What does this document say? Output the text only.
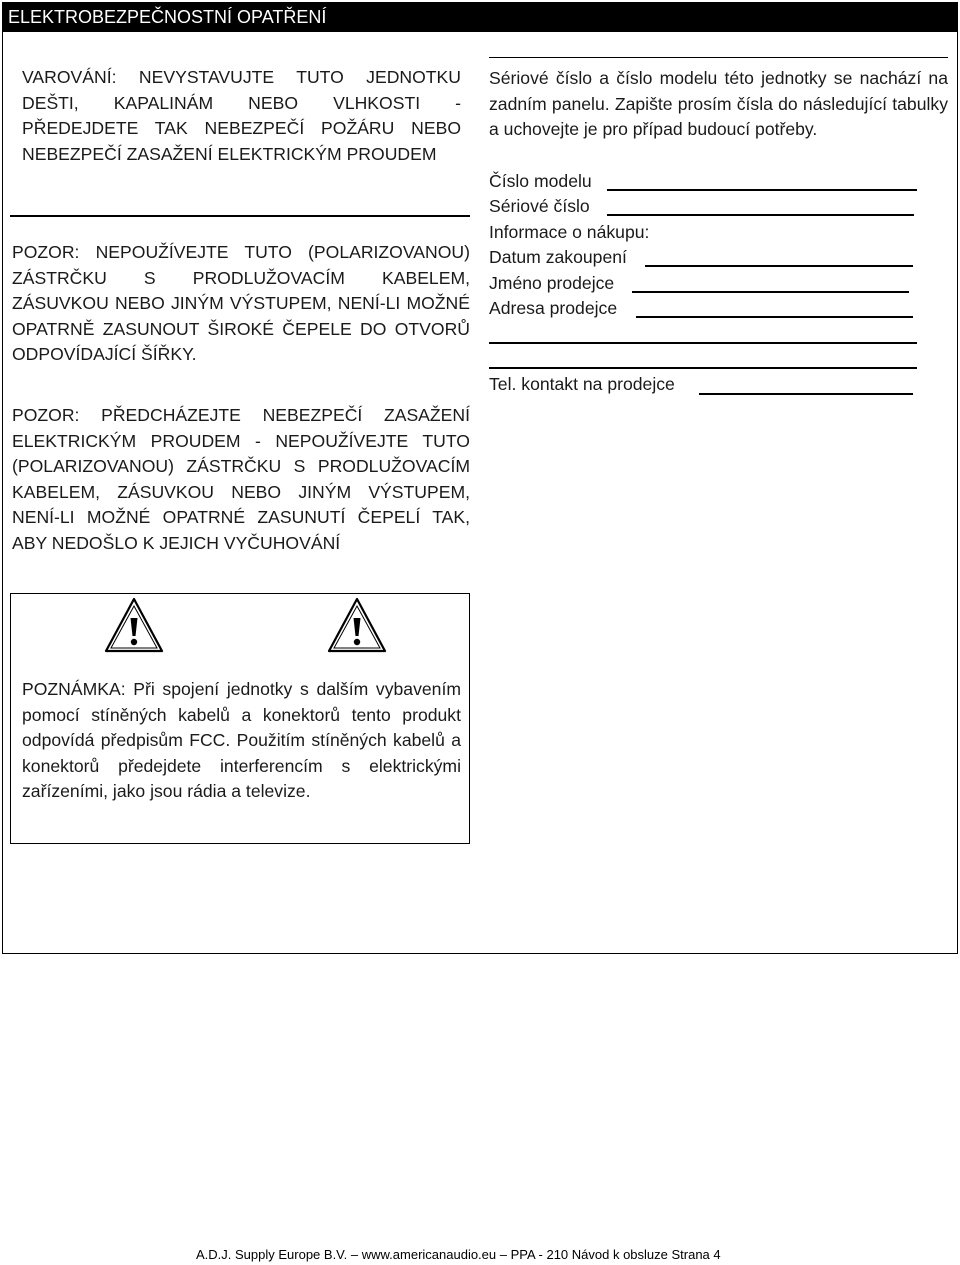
ELEKTROBEZPEČNOSTNÍ OPATŘENÍ

VAROVÁNÍ: NEVYSTAVUJTE TUTO JEDNOTKU DEŠTI, KAPALINÁM NEBO VLHKOSTI - PŘEDEJDETE TAK NEBEZPEČÍ POŽÁRU NEBO NEBEZPEČÍ ZASAŽENÍ ELEKTRICKÝM PROUDEM

POZOR: NEPOUŽÍVEJTE TUTO (POLARIZOVANOU) ZÁSTRČKU S PRODLUŽOVACÍM KABELEM, ZÁSUVKOU NEBO JINÝM VÝSTUPEM, NENÍ-LI MOŽNÉ OPATRNĚ ZASUNOUT ŠIROKÉ ČEPELE DO OTVORŮ ODPOVÍDAJÍCÍ ŠÍŘKY.

POZOR: PŘEDCHÁZEJTE NEBEZPEČÍ ZASAŽENÍ ELEKTRICKÝM PROUDEM - NEPOUŽÍVEJTE TUTO (POLARIZOVANOU) ZÁSTRČKU S PRODLUŽOVACÍM KABELEM, ZÁSUVKOU NEBO JINÝM VÝSTUPEM, NENÍ-LI MOŽNÉ OPATRNÉ ZASUNUTÍ ČEPELÍ TAK, ABY NEDOŠLO K JEJICH VYČUHOVÁNÍ

Sériové číslo a číslo modelu této jednotky se nachází na zadním panelu. Zapište prosím čísla do následující tabulky a uchovejte je pro případ budoucí potřeby.

Číslo modelu
Sériové číslo
Informace o nákupu:
Datum zakoupení
Jméno prodejce
Adresa prodejce
Tel. kontakt na prodejce

POZNÁMKA: Při spojení jednotky s dalším vybavením pomocí stíněných kabelů a konektorů tento produkt odpovídá předpisům FCC. Použitím stíněných kabelů a konektorů předejdete interferencím s elektrickými zařízeními, jako jsou rádia a televize.

A.D.J. Supply Europe B.V. – www.americanaudio.eu – PPA - 210 Návod k obsluze Strana 4
